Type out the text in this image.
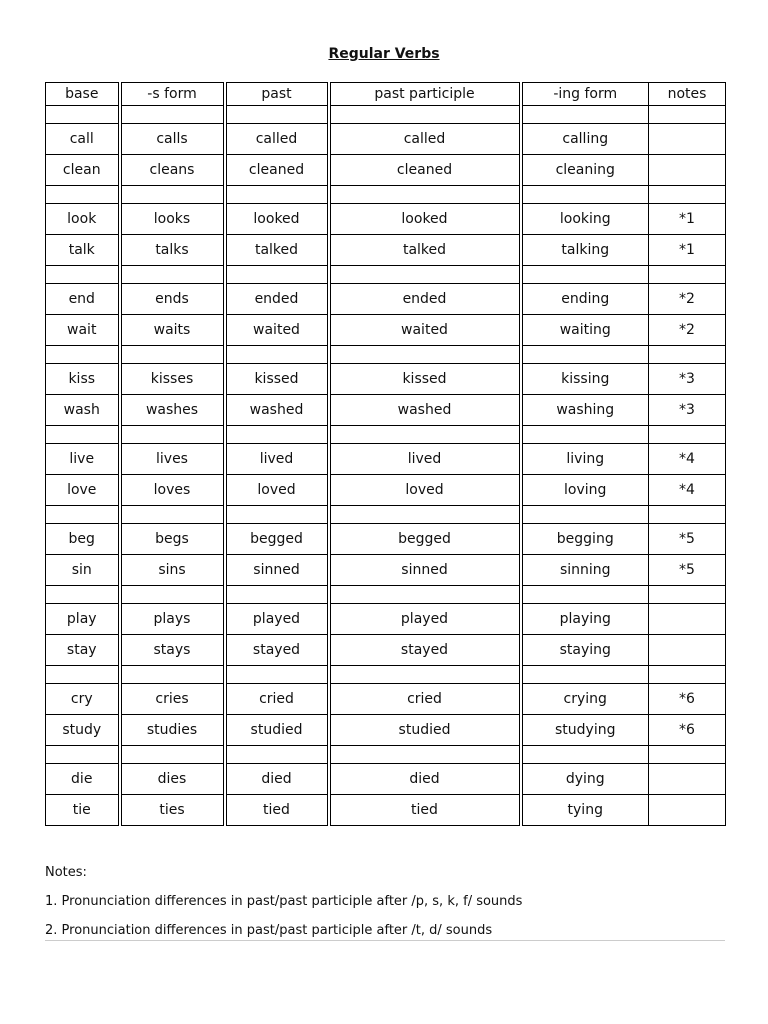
Regular Verbs
base	-s form	past	past participle	-ing form	notes

call	calls	called	called	calling	
clean	cleans	cleaned	cleaned	cleaning	

look	looks	looked	looked	looking	*1
talk	talks	talked	talked	talking	*1

end	ends	ended	ended	ending	*2
wait	waits	waited	waited	waiting	*2

kiss	kisses	kissed	kissed	kissing	*3
wash	washes	washed	washed	washing	*3

live	lives	lived	lived	living	*4
love	loves	loved	loved	loving	*4

beg	begs	begged	begged	begging	*5
sin	sins	sinned	sinned	sinning	*5

play	plays	played	played	playing	
stay	stays	stayed	stayed	staying	

cry	cries	cried	cried	crying	*6
study	studies	studied	studied	studying	*6

die	dies	died	died	dying	
tie	ties	tied	tied	tying	

Notes:

1. Pronunciation differences in past/past participle after /p, s, k, f/ sounds

2. Pronunciation differences in past/past participle after /t, d/ sounds
